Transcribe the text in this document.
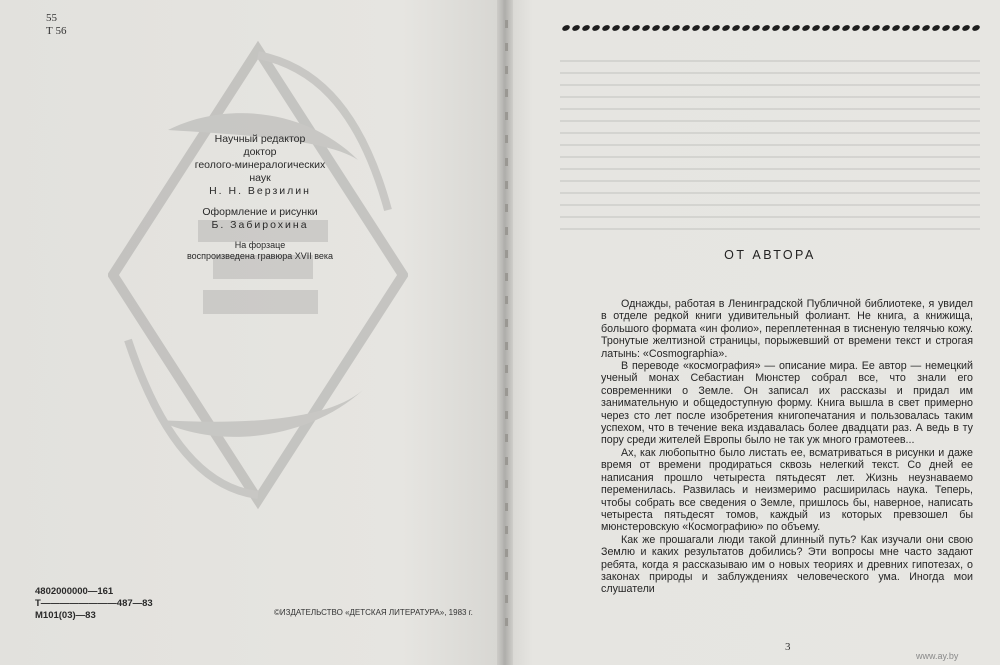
55
Т 56
Научный редактор
доктор
геолого-минералогических
наук
Н. Н. Верзилин
Оформление и рисунки
Б. Забирохина
На форзаце
воспроизведена гравюра XVII века
4802000000—161
Т————————487—83
М101(03)—83	©ИЗДАТЕЛЬСТВО «ДЕТСКАЯ ЛИТЕРАТУРА», 1983 г.
ОТ АВТОРА

Однажды, работая в Ленинградской Публичной библиотеке, я увидел в отделе редкой книги удивительный фолиант. Не книга, а книжища, большого формата «ин фолио», переплетенная в тисненую телячью кожу. Тронутые желтизной страницы, порыжевший от времени текст и строгая латынь: «Cosmographia».

В переводе «космография» — описание мира. Ее автор — немецкий ученый монах Себастиан Мюнстер собрал все, что знали его современники о Земле. Он записал их рассказы и придал им занимательную и общедоступную форму. Книга вышла в свет примерно через сто лет после изобретения книгопечатания и пользовалась таким успехом, что в течение века издавалась более двадцати раз. А ведь в ту пору среди жителей Европы было не так уж много грамотеев...

Ах, как любопытно было листать ее, всматриваться в рисунки и даже время от времени продираться сквозь нелегкий текст. Со дней ее написания прошло четыреста пятьдесят лет. Жизнь неузнаваемо переменилась. Развилась и неизмеримо расширилась наука. Теперь, чтобы собрать все сведения о Земле, пришлось бы, наверное, написать четыреста пятьдесят томов, каждый из которых превзошел бы мюнстеровскую «Космографию» по объему.

Как же прошагали люди такой длинный путь? Как изучали они свою Землю и каких результатов добились? Эти вопросы мне часто задают ребята, когда я рассказываю им о новых теориях и древних гипотезах, о законах природы и заблуждениях человеческого ума. Иногда мои слушатели

3
www.ay.by
